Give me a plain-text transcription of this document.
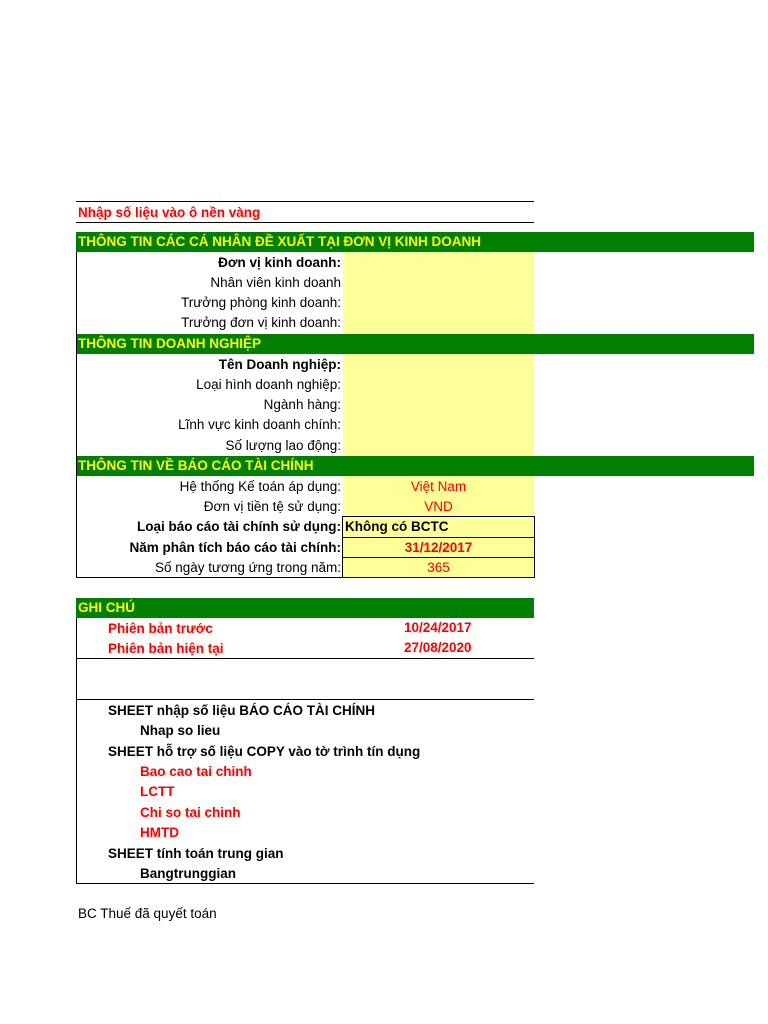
Nhập số liệu vào ô nền vàng
THÔNG TIN CÁC CÁ NHÂN ĐỀ XUẤT TẠI ĐƠN VỊ KINH DOANH
Đơn vị kinh doanh:
Nhân viên kinh doanh
Trưởng phòng kinh doanh:
Trưởng đơn vị kinh doanh:
THÔNG TIN DOANH NGHIỆP
Tên Doanh nghiệp:
Loại hình doanh nghiệp:
Ngành hàng:
Lĩnh vực kinh doanh chính:
Số lượng lao động:
THÔNG TIN VỀ BÁO CÁO TÀI CHÍNH
Hệ thống Kế toán áp dụng:	Việt Nam
Đơn vị tiền tệ sử dụng:	VND
Loại báo cáo tài chính sử dụng: Không có BCTC
Năm phân tích báo cáo tài chính:	31/12/2017
Số ngày tương ứng trong năm:	365
GHI CHÚ
Phiên bản trước	10/24/2017
Phiên bản hiện tại	27/08/2020
SHEET nhập số liệu BÁO CÁO TÀI CHÍNH
Nhap so lieu
SHEET hỗ trợ số liệu COPY vào tờ trình tín dụng
Bao cao tai chinh
LCTT
Chi so tai chinh
HMTD
SHEET tính toán trung gian
Bangtrunggian
BC Thuế đã quyết toán
